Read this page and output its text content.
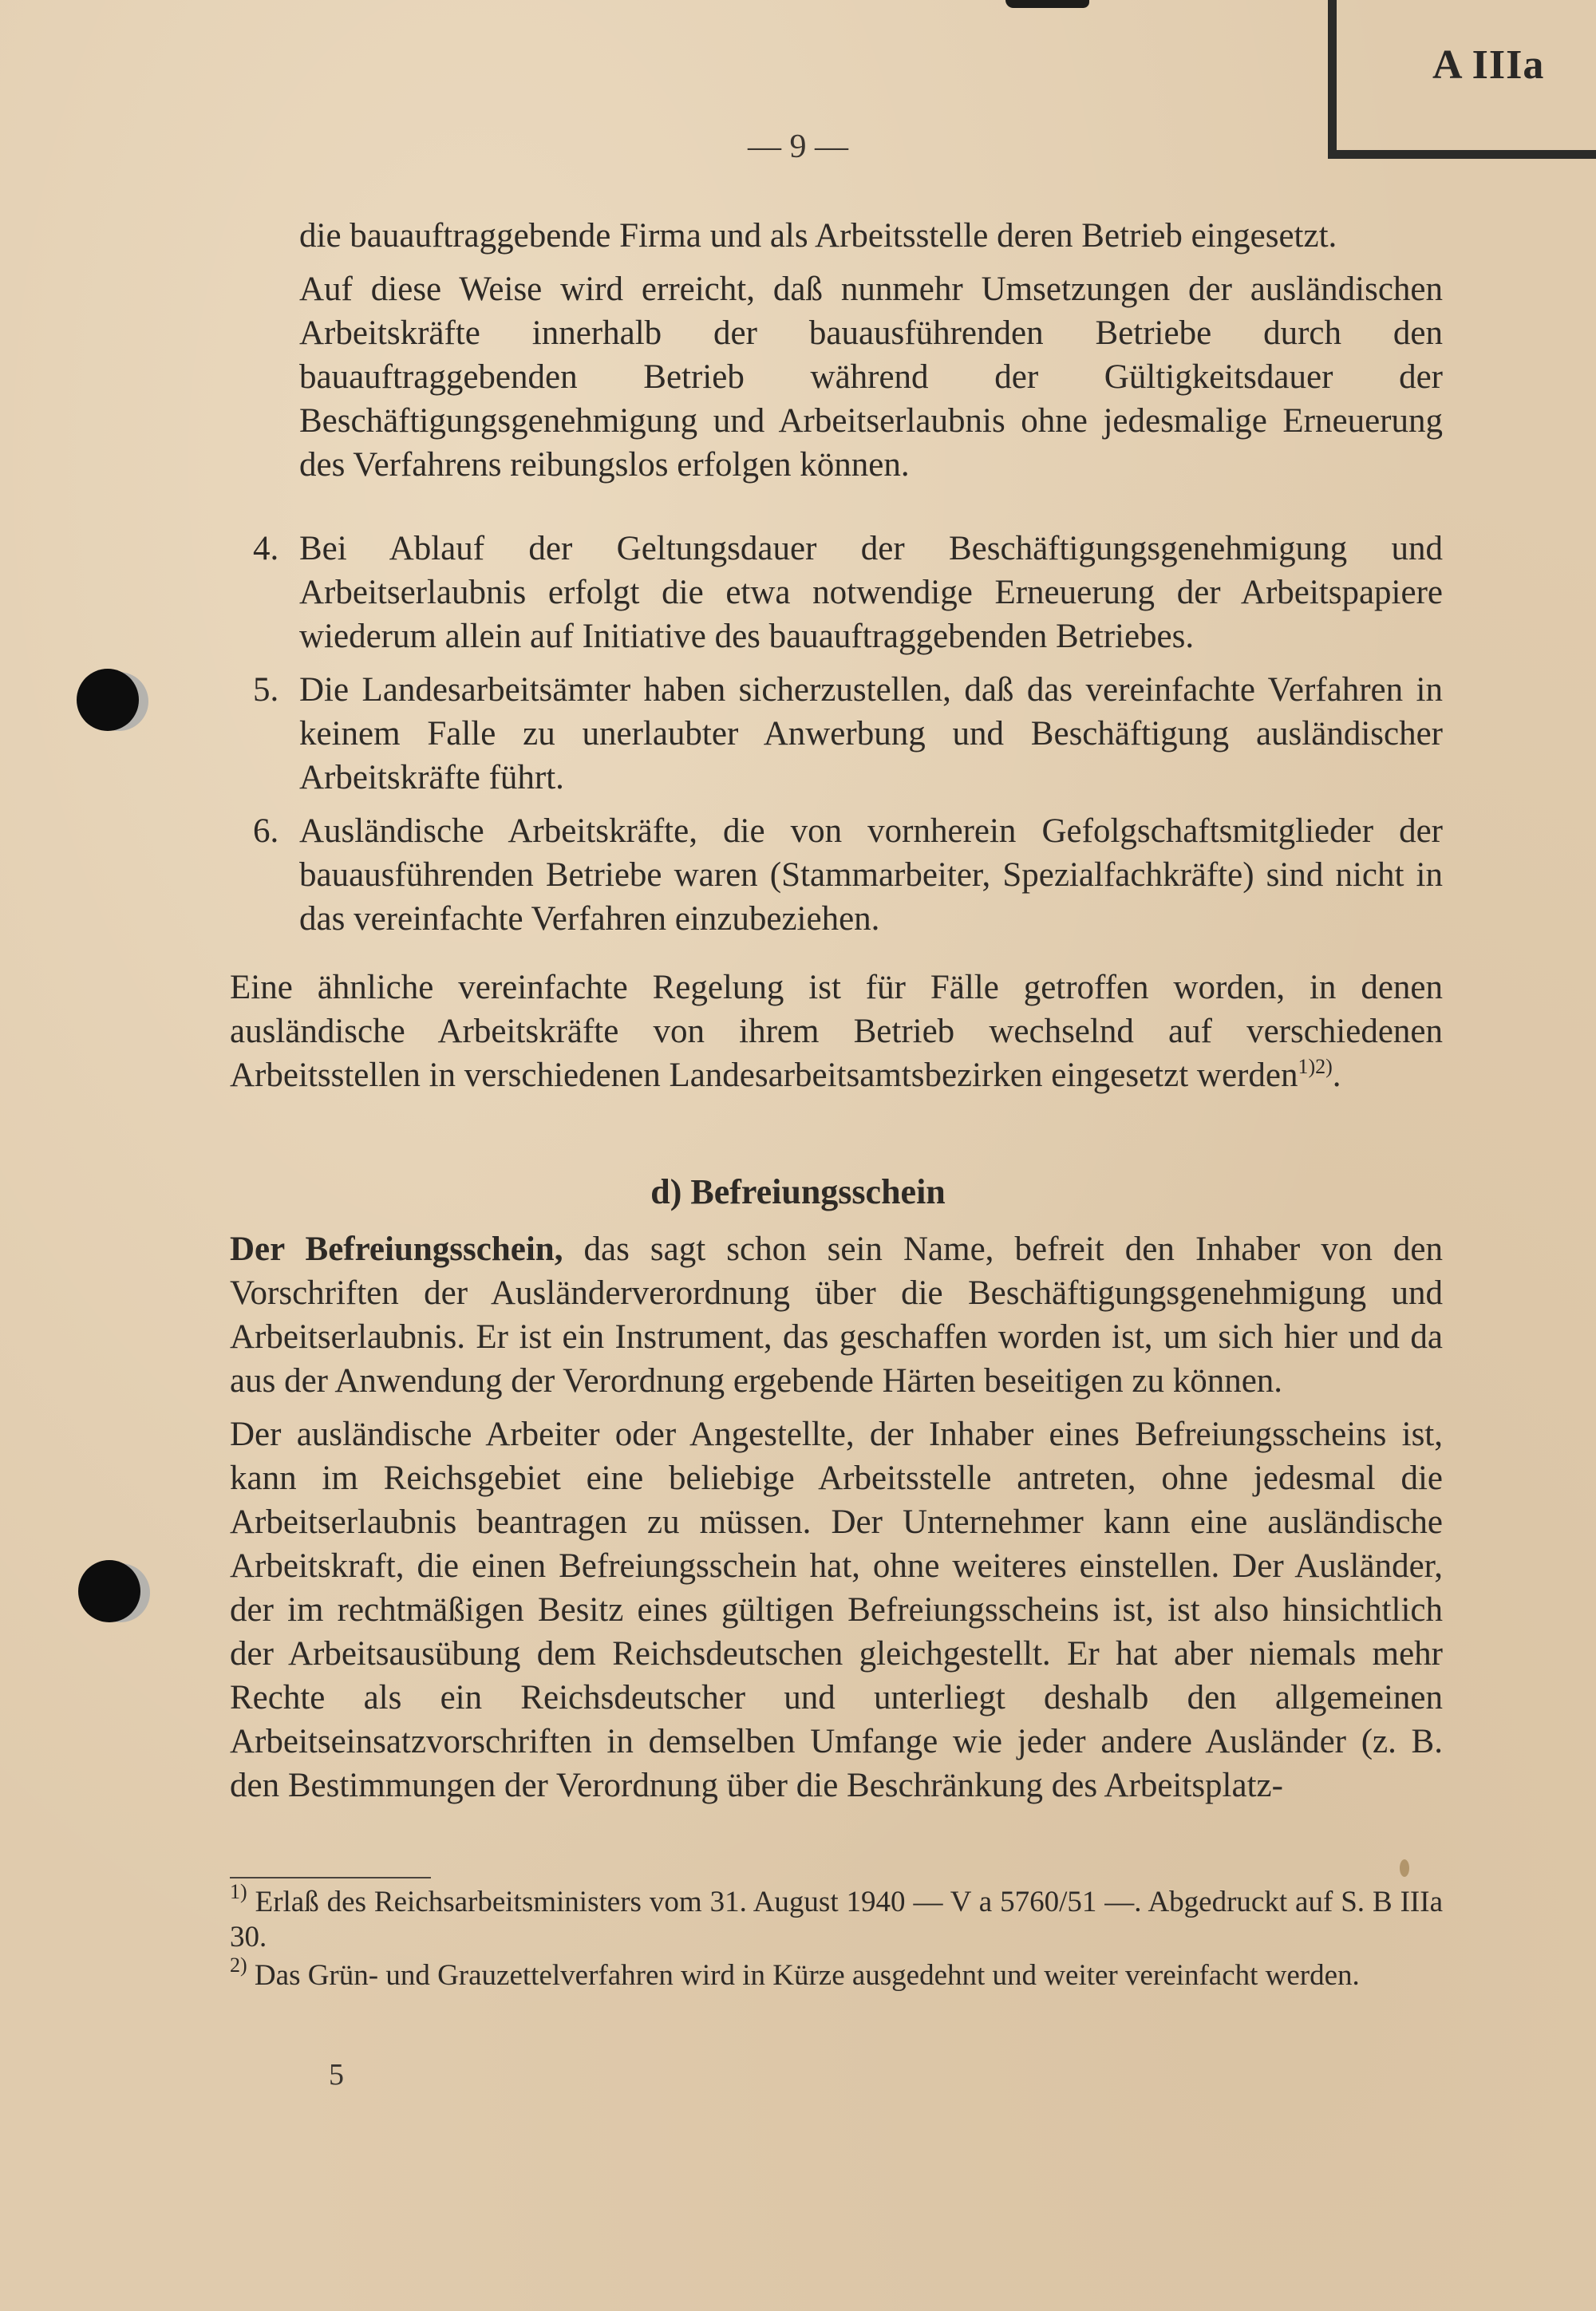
A IIIa
— 9 —

die bauauftraggebende Firma und als Arbeitsstelle deren Betrieb eingesetzt.

Auf diese Weise wird erreicht, daß nunmehr Umsetzungen der ausländischen Arbeitskräfte innerhalb der bauausführenden Betriebe durch den bauauftraggebenden Betrieb während der Gültigkeitsdauer der Beschäftigungsgenehmigung und Arbeitserlaubnis ohne jedesmalige Erneuerung des Verfahrens reibungslos erfolgen können.

4. Bei Ablauf der Geltungsdauer der Beschäftigungsgenehmigung und Arbeitserlaubnis erfolgt die etwa notwendige Erneuerung der Arbeitspapiere wiederum allein auf Initiative des bauauftraggebenden Betriebes.

5. Die Landesarbeitsämter haben sicherzustellen, daß das vereinfachte Verfahren in keinem Falle zu unerlaubter Anwerbung und Beschäftigung ausländischer Arbeitskräfte führt.

6. Ausländische Arbeitskräfte, die von vornherein Gefolgschaftsmitglieder der bauausführenden Betriebe waren (Stammarbeiter, Spezialfachkräfte) sind nicht in das vereinfachte Verfahren einzubeziehen.

Eine ähnliche vereinfachte Regelung ist für Fälle getroffen worden, in denen ausländische Arbeitskräfte von ihrem Betrieb wechselnd auf verschiedenen Arbeitsstellen in verschiedenen Landesarbeitsamtsbezirken eingesetzt werden$^{1)2)}$.

d) Befreiungsschein

Der Befreiungsschein, das sagt schon sein Name, befreit den Inhaber von den Vorschriften der Ausländerverordnung über die Beschäftigungsgenehmigung und Arbeitserlaubnis. Er ist ein Instrument, das geschaffen worden ist, um sich hier und da aus der Anwendung der Verordnung ergebende Härten beseitigen zu können.

Der ausländische Arbeiter oder Angestellte, der Inhaber eines Befreiungsscheins ist, kann im Reichsgebiet eine beliebige Arbeitsstelle antreten, ohne jedesmal die Arbeitserlaubnis beantragen zu müssen. Der Unternehmer kann eine ausländische Arbeitskraft, die einen Befreiungsschein hat, ohne weiteres einstellen. Der Ausländer, der im rechtmäßigen Besitz eines gültigen Befreiungsscheins ist, ist also hinsichtlich der Arbeitsausübung dem Reichsdeutschen gleichgestellt. Er hat aber niemals mehr Rechte als ein Reichsdeutscher und unterliegt deshalb den allgemeinen Arbeitseinsatzvorschriften in demselben Umfange wie jeder andere Ausländer (z. B. den Bestimmungen der Verordnung über die Beschränkung des Arbeitsplatz-

$^{1)}$ Erlaß des Reichsarbeitsministers vom 31. August 1940 — V a 5760/51 —. Abgedruckt auf S. B IIIa 30.

$^{2)}$ Das Grün- und Grauzettelverfahren wird in Kürze ausgedehnt und weiter vereinfacht werden.

5
